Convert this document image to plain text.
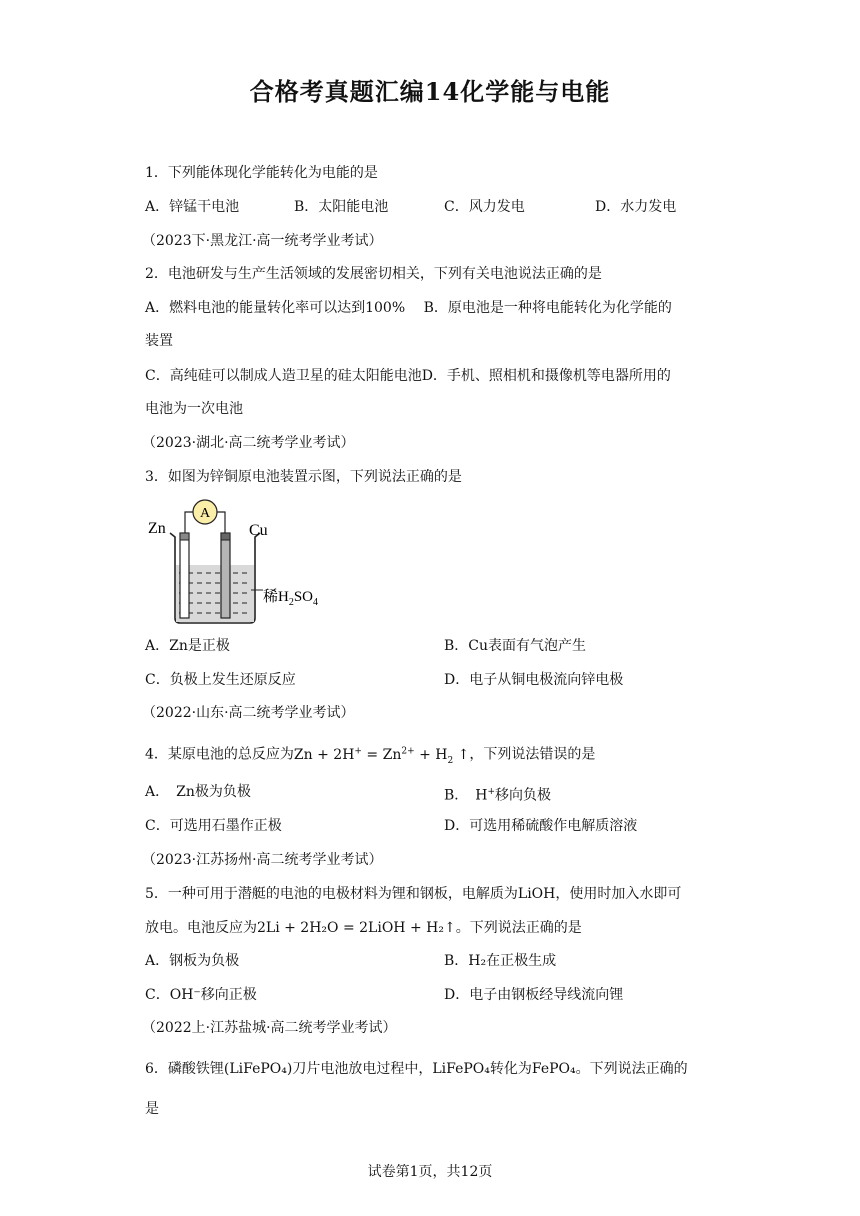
合格考真题汇编14化学能与电能
1．下列能体现化学能转化为电能的是
A．锌锰干电池	B．太阳能电池	C．风力发电	D．水力发电
（2023下·黑龙江·高一统考学业考试）
2．电池研发与生产生活领域的发展密切相关，下列有关电池说法正确的是
A．燃料电池的能量转化率可以达到100%　 B．原电池是一种将电能转化为化学能的
装置
C．高纯硅可以制成人造卫星的硅太阳能电池D．手机、照相机和摄像机等电器所用的
电池为一次电池
（2023·湖北·高二统考学业考试）
3．如图为锌铜原电池装置示图，下列说法正确的是
A
Zn	Cu
稀$H_2SO_4$
A．Zn是正极	B．Cu表面有气泡产生
C．负极上发生还原反应	D．电子从铜电极流向锌电极
（2022·山东·高二统考学业考试）
4．某原电池的总反应为$Zn + 2H^+ = Zn^{2+} + H_2$ ↑，下列说法错误的是
A．　Zn极为负极	B．　H+移向负极
C．可选用石墨作正极	D．可选用稀硫酸作电解质溶液
（2023·江苏扬州·高二统考学业考试）
5．一种可用于潜艇的电池的电极材料为锂和钢板，电解质为LiOH，使用时加入水即可
放电。电池反应为2Li + 2H₂O = 2LiOH + H₂↑。下列说法正确的是
A．钢板为负极	B．H₂在正极生成
C．OH⁻移向正极	D．电子由钢板经导线流向锂
（2022上·江苏盐城·高二统考学业考试）
6．磷酸铁锂(LiFePO₄)刀片电池放电过程中，LiFePO₄转化为FePO₄。下列说法正确的
是
试卷第1页，共12页
